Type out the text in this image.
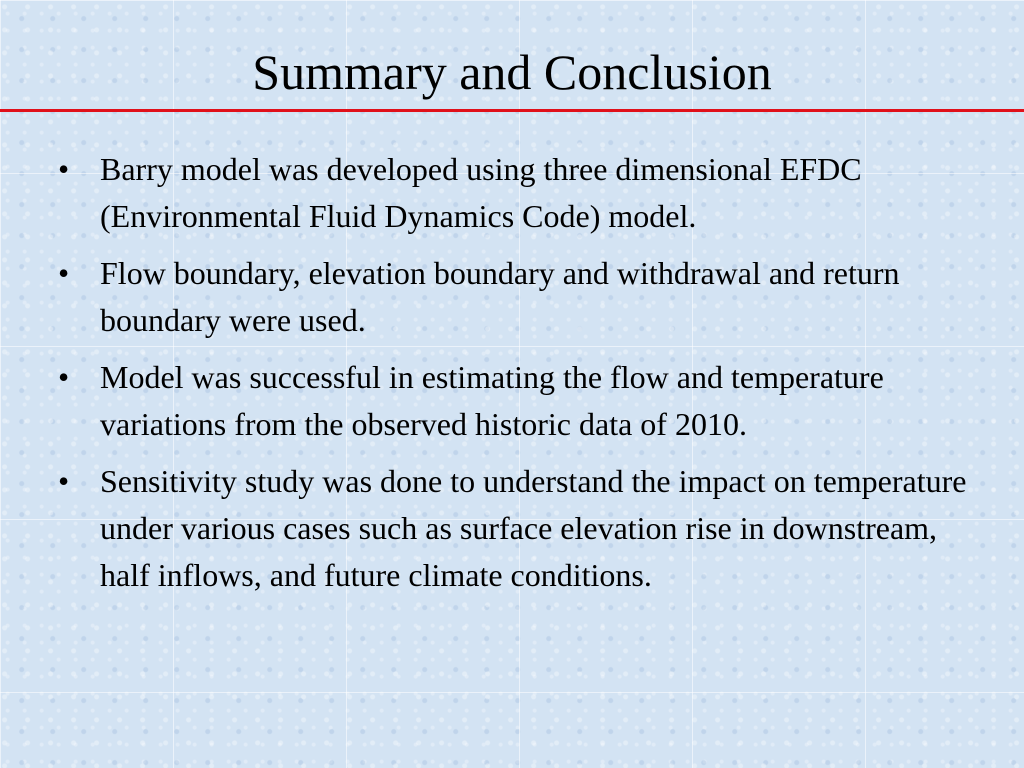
Summary and Conclusion
• Barry model was developed using three dimensional EFDC (Environmental Fluid Dynamics Code) model.
• Flow boundary, elevation boundary and withdrawal and return boundary were used.
• Model was successful in estimating the flow and temperature variations from the observed historic data of 2010.
• Sensitivity study was done to understand the impact on temperature under various cases such as surface elevation rise in downstream, half inflows, and future climate conditions.
